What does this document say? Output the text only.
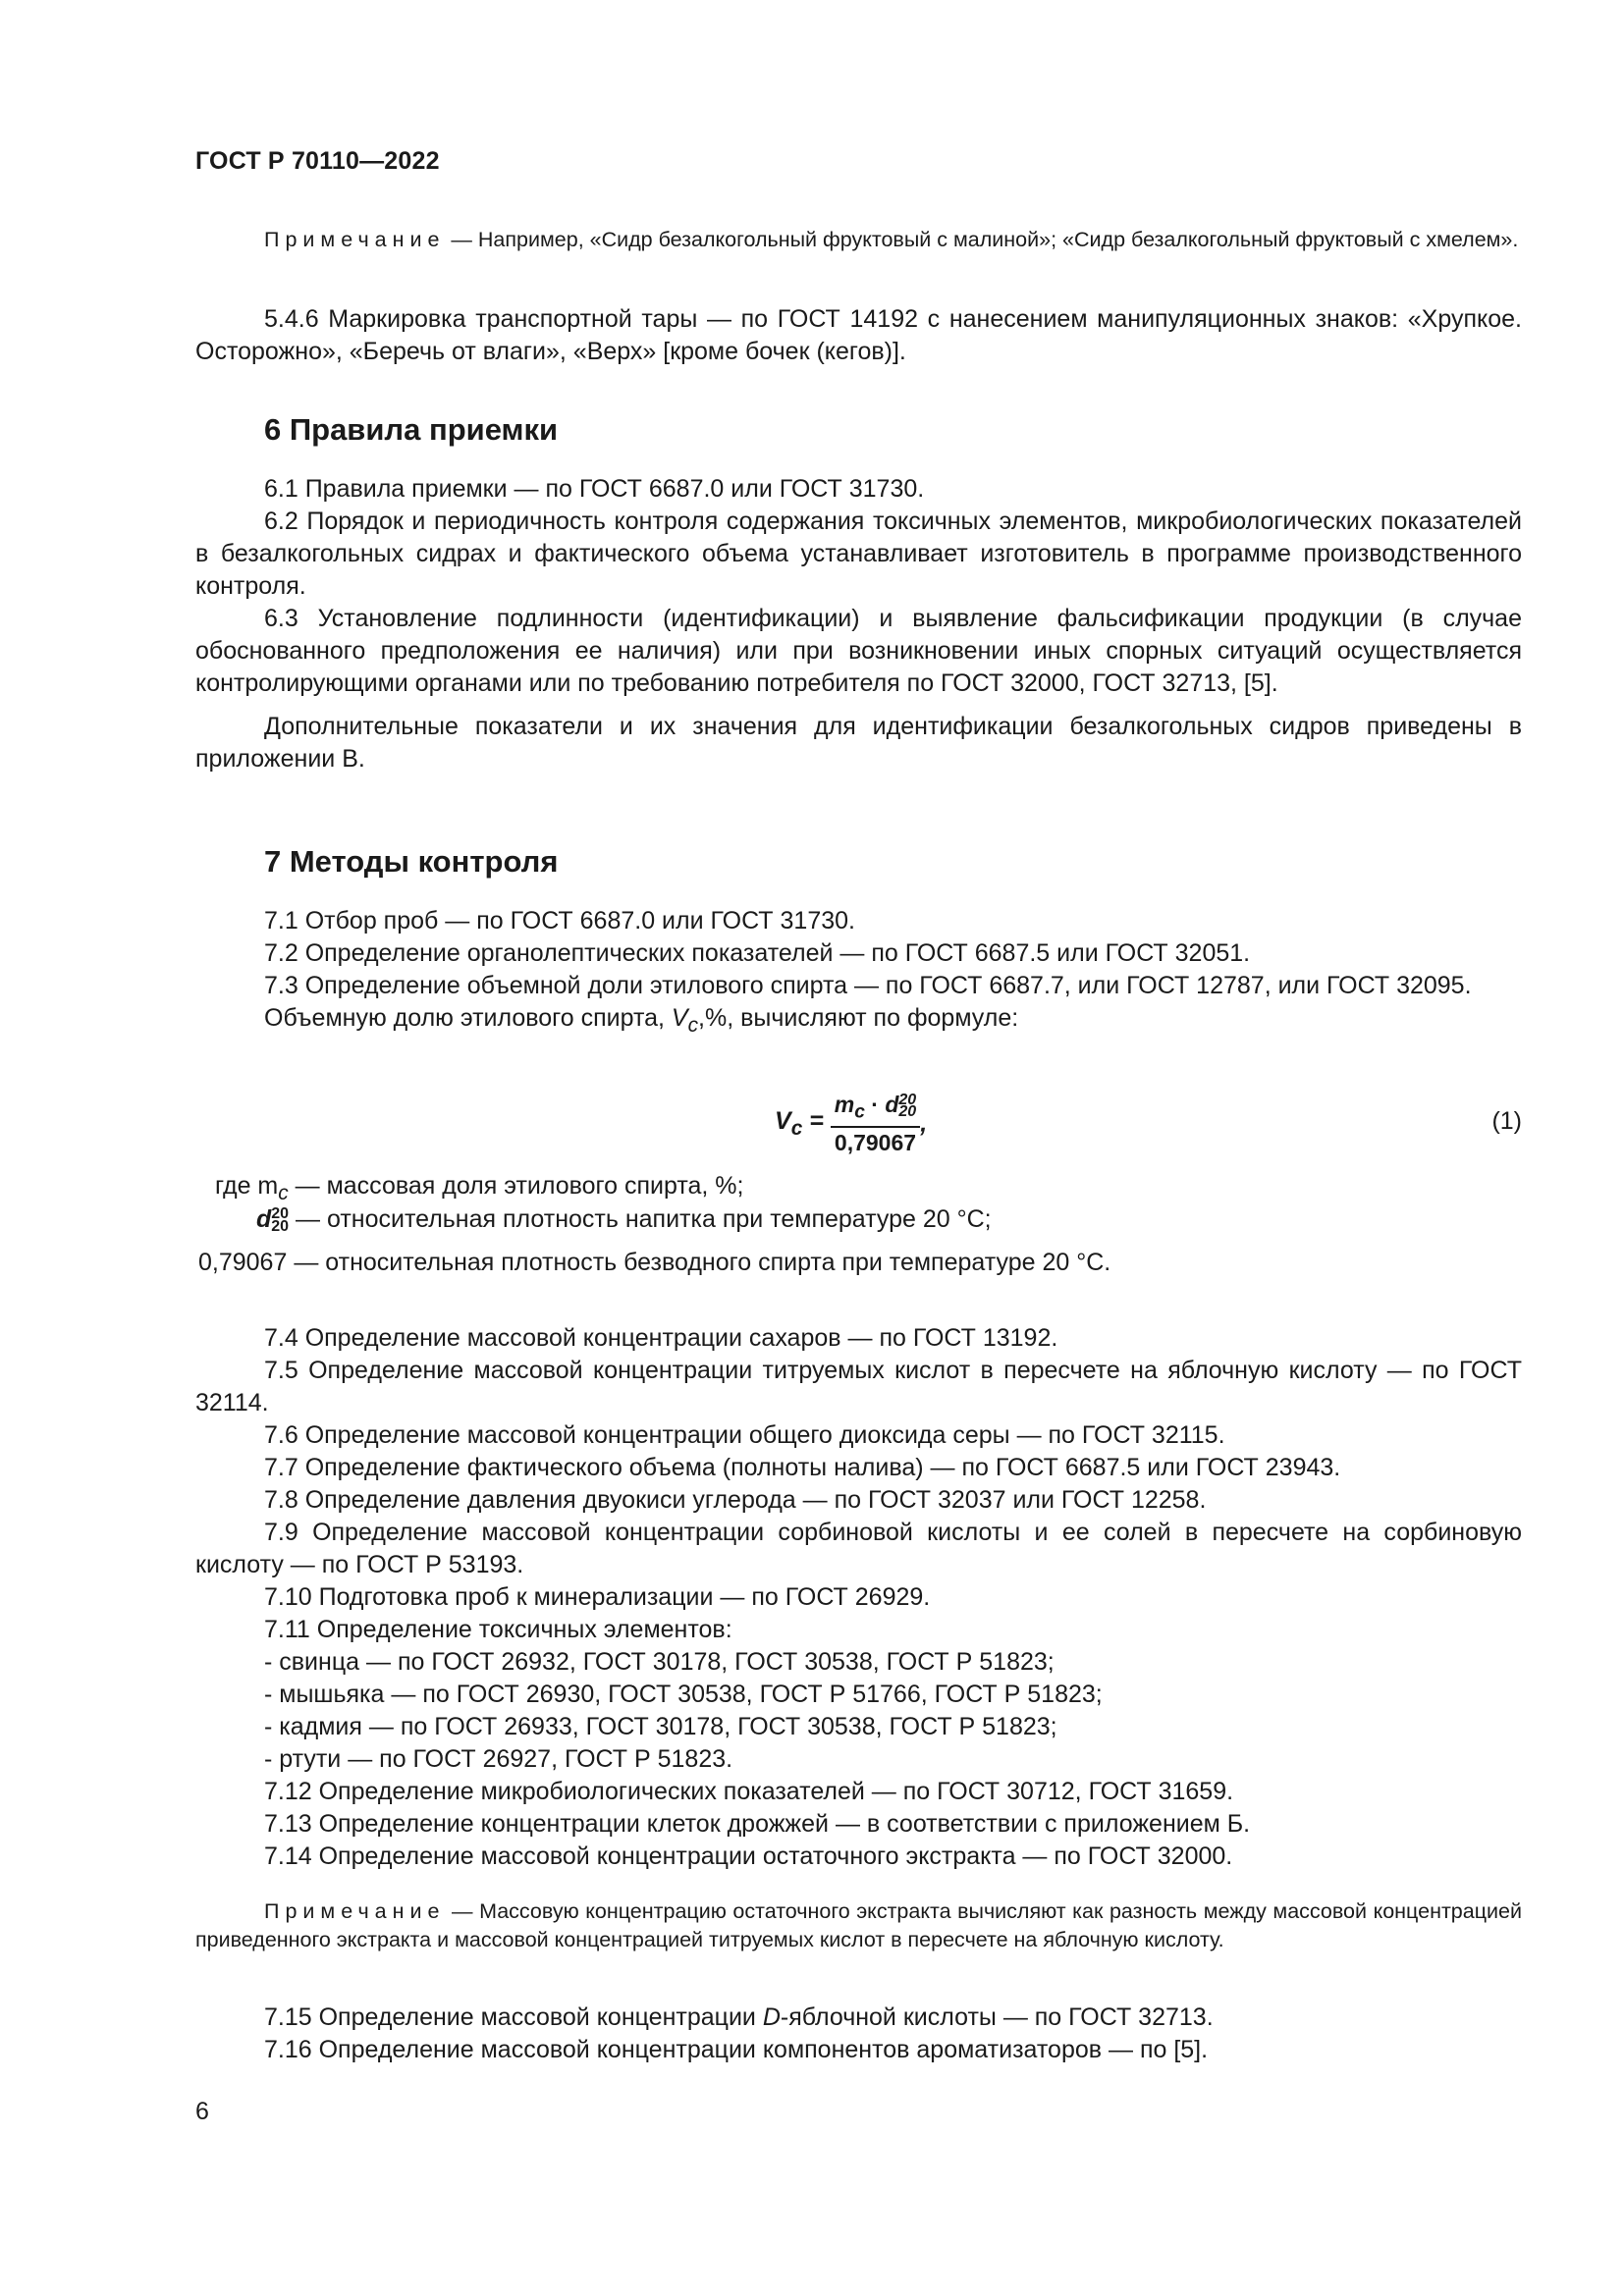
ГОСТ Р 70110—2022

Примечание — Например, «Сидр безалкогольный фруктовый с малиной»; «Сидр безалкогольный фруктовый с хмелем».

5.4.6 Маркировка транспортной тары — по ГОСТ 14192 с нанесением манипуляционных знаков: «Хрупкое. Осторожно», «Беречь от влаги», «Верх» [кроме бочек (кегов)].

6 Правила приемки

6.1 Правила приемки — по ГОСТ 6687.0 или ГОСТ 31730.

6.2 Порядок и периодичность контроля содержания токсичных элементов, микробиологических показателей в безалкогольных сидрах и фактического объема устанавливает изготовитель в программе производственного контроля.

6.3 Установление подлинности (идентификации) и выявление фальсификации продукции (в случае обоснованного предположения ее наличия) или при возникновении иных спорных ситуаций осуществляется контролирующими органами или по требованию потребителя по ГОСТ 32000, ГОСТ 32713, [5].

Дополнительные показатели и их значения для идентификации безалкогольных сидров приведены в приложении В.

7 Методы контроля

7.1 Отбор проб — по ГОСТ 6687.0 или ГОСТ 31730.

7.2 Определение органолептических показателей — по ГОСТ 6687.5 или ГОСТ 32051.

7.3 Определение объемной доли этилового спирта — по ГОСТ 6687.7, или ГОСТ 12787, или ГОСТ 32095.

Объемную долю этилового спирта, $V_c,\%$, вычисляют по формуле:

$V_c = m_c \cdot d$ 20
20
0,79067 ,	(1)
где $m_c$ — массовая доля этилового спирта, %;
d 20
20 — относительная плотность напитка при температуре 20 °С;
0,79067 — относительная плотность безводного спирта при температуре 20 °С.

7.4 Определение массовой концентрации сахаров — по ГОСТ 13192.

7.5 Определение массовой концентрации титруемых кислот в пересчете на яблочную кислоту — по ГОСТ 32114.

7.6 Определение массовой концентрации общего диоксида серы — по ГОСТ 32115.

7.7 Определение фактического объема (полноты налива) — по ГОСТ 6687.5 или ГОСТ 23943.

7.8 Определение давления двуокиси углерода — по ГОСТ 32037 или ГОСТ 12258.

7.9 Определение массовой концентрации сорбиновой кислоты и ее солей в пересчете на сорбиновую кислоту — по ГОСТ Р 53193.

7.10 Подготовка проб к минерализации — по ГОСТ 26929.

7.11 Определение токсичных элементов:

- свинца — по ГОСТ 26932, ГОСТ 30178, ГОСТ 30538, ГОСТ Р 51823;

- мышьяка — по ГОСТ 26930, ГОСТ 30538, ГОСТ Р 51766, ГОСТ Р 51823;

- кадмия — по ГОСТ 26933, ГОСТ 30178, ГОСТ 30538, ГОСТ Р 51823;

- ртути — по ГОСТ 26927, ГОСТ Р 51823.

7.12 Определение микробиологических показателей — по ГОСТ 30712, ГОСТ 31659.

7.13 Определение концентрации клеток дрожжей — в соответствии с приложением Б.

7.14 Определение массовой концентрации остаточного экстракта — по ГОСТ 32000.

Примечание — Массовую концентрацию остаточного экстракта вычисляют как разность между массовой концентрацией приведенного экстракта и массовой концентрацией титруемых кислот в пересчете на яблочную кислоту.

7.15 Определение массовой концентрации D-яблочной кислоты — по ГОСТ 32713.

7.16 Определение массовой концентрации компонентов ароматизаторов — по [5].

6
